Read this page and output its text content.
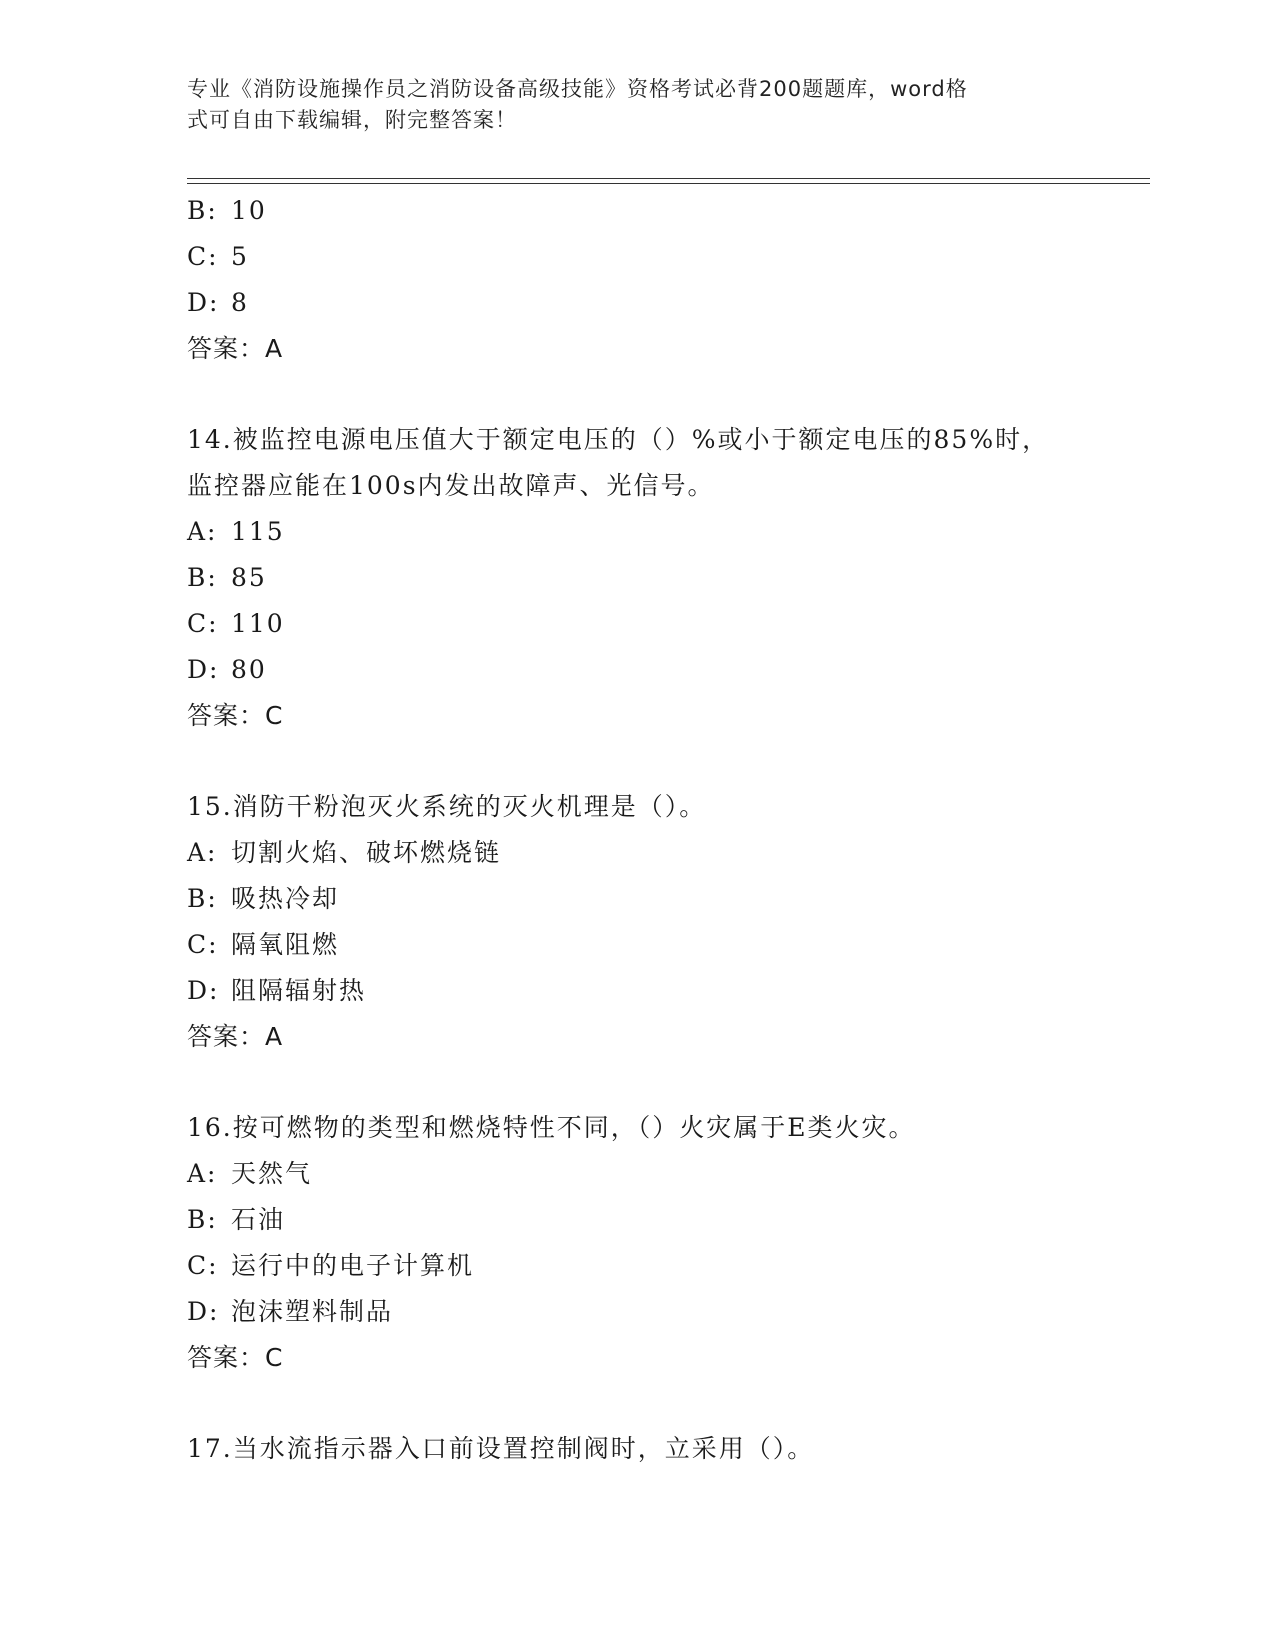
专业《消防设施操作员之消防设备高级技能》资格考试必背200题题库，word格
式可自由下载编辑，附完整答案！
B: 10
C: 5
D: 8
答案：A
14.被监控电源电压值大于额定电压的（）%或小于额定电压的85%时，
监控器应能在100s内发出故障声、光信号。
A: 115
B: 85
C: 110
D: 80
答案：C
15.消防干粉泡灭火系统的灭火机理是（）。
A: 切割火焰、破坏燃烧链
B: 吸热冷却
C: 隔氧阻燃
D: 阻隔辐射热
答案：A
16.按可燃物的类型和燃烧特性不同，（）火灾属于E类火灾。
A: 天然气
B: 石油
C: 运行中的电子计算机
D: 泡沫塑料制品
答案：C
17.当水流指示器入口前设置控制阀时，立采用（）。
